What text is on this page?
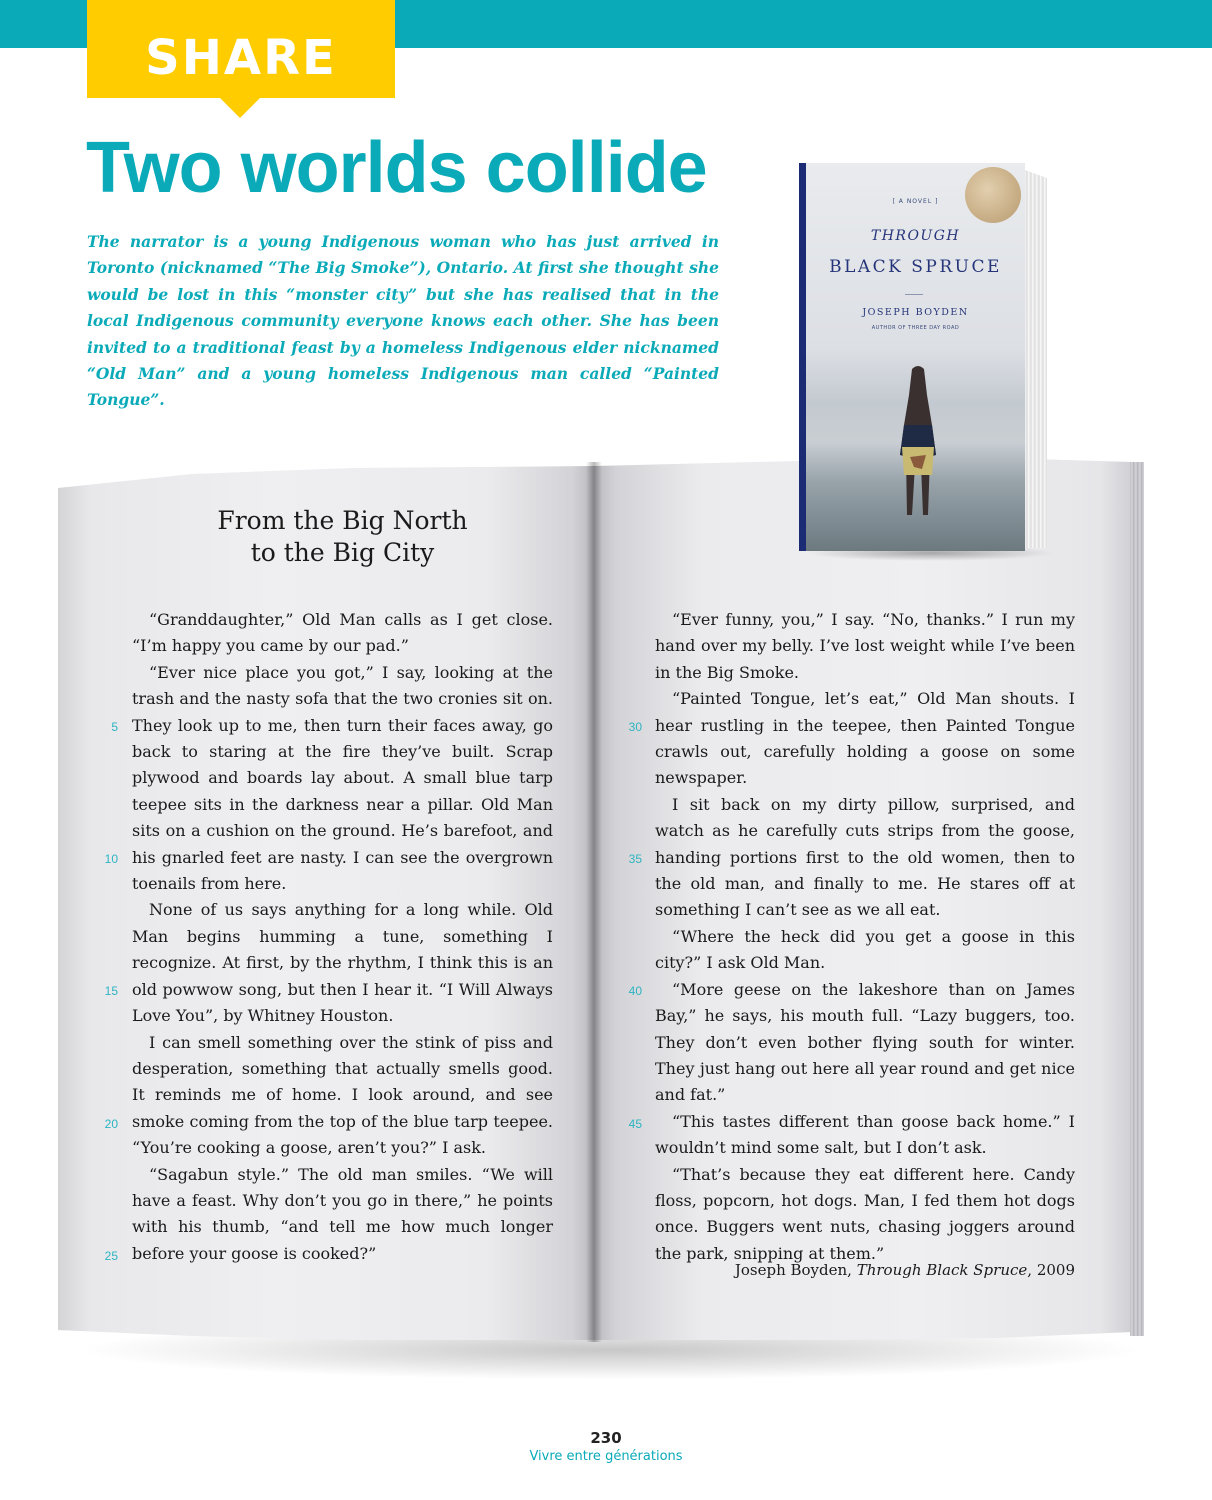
SHARE
Two worlds collide

The narrator is a young Indigenous woman who has just arrived in Toronto (nicknamed “The Big Smoke”), Ontario. At first she thought she would be lost in this “monster city” but she has realised that in the local Indigenous community everyone knows each other. She has been invited to a traditional feast by a homeless Indigenous elder nicknamed “Old Man” and a young homeless Indigenous man called “Painted Tongue”.

[ A NOVEL ]
THROUGH
BLACK SPRUCE
JOSEPH BOYDEN
AUTHOR OF THREE DAY ROAD
From the Big North
to the Big City

“Granddaughter,” Old Man calls as I get close. “I’m happy you came by our pad.”

“Ever nice place you got,” I say, looking at the trash and the nasty sofa that the two cronies sit on. They look up to me, then turn their faces away, go back to staring at the fire they’ve built. Scrap plywood and boards lay about. A small blue tarp teepee sits in the darkness near a pillar. Old Man sits on a cushion on the ground. He’s barefoot, and his gnarled feet are nasty. I can see the overgrown toenails from here.

None of us says anything for a long while. Old Man begins humming a tune, something I recognize. At first, by the rhythm, I think this is an old powwow song, but then I hear it. “I Will Always Love You”, by Whitney Houston.

I can smell something over the stink of piss and desperation, something that actually smells good. It reminds me of home. I look around, and see smoke coming from the top of the blue tarp teepee. “You’re cooking a goose, aren’t you?” I ask.

“Sagabun style.” The old man smiles. “We will have a feast. Why don’t you go in there,” he points with his thumb, “and tell me how much longer before your goose is cooked?”

“Ever funny, you,” I say. “No, thanks.” I run my hand over my belly. I’ve lost weight while I’ve been in the Big Smoke.

“Painted Tongue, let’s eat,” Old Man shouts. I hear rustling in the teepee, then Painted Tongue crawls out, carefully holding a goose on some newspaper.

I sit back on my dirty pillow, surprised, and watch as he carefully cuts strips from the goose, handing portions first to the old women, then to the old man, and finally to me. He stares off at something I can’t see as we all eat.

“Where the heck did you get a goose in this city?” I ask Old Man.

“More geese on the lakeshore than on James Bay,” he says, his mouth full. “Lazy buggers, too. They don’t even bother flying south for winter. They just hang out here all year round and get nice and fat.”

“This tastes different than goose back home.” I wouldn’t mind some salt, but I don’t ask.

“That’s because they eat different here. Candy floss, popcorn, hot dogs. Man, I fed them hot dogs once. Buggers went nuts, chasing joggers around the park, snipping at them.”

5
10
15
20
25
30
35
40
45
Joseph Boyden, Through Black Spruce, 2009
230
Vivre entre générations
